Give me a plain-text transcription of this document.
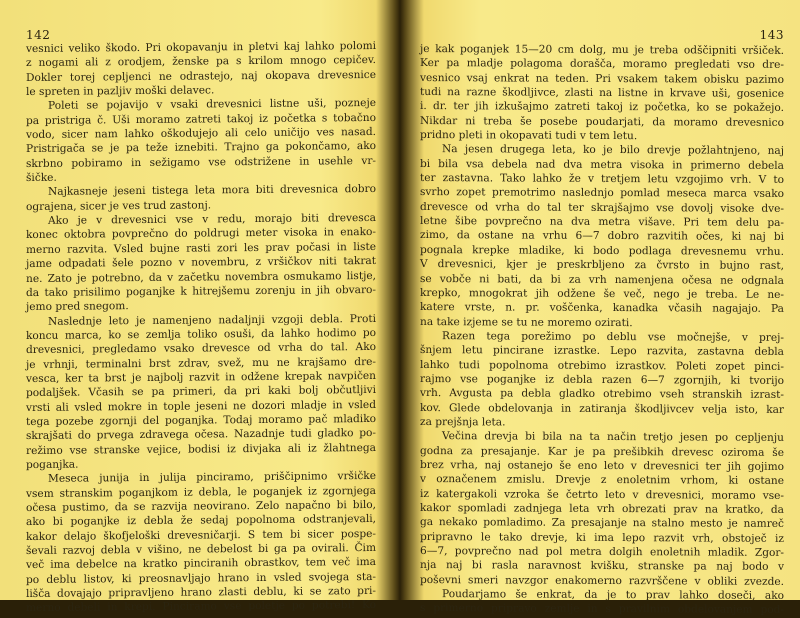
142
vesnici veliko škodo. Pri okopavanju in pletvi kaj lahko polomi
z nogami ali z orodjem, ženske pa s krilom mnogo cepičev.
Dokler torej cepljenci ne odrastejo, naj okopava drevesnice
le spreten in pazljiv moški delavec.
Poleti se pojavijo v vsaki drevesnici listne uši, pozneje
pa pristriga č. Uši moramo zatreti takoj iz početka s tobačno
vodo, sicer nam lahko oškodujejo ali celo uničijo ves nasad.
Pristrigača se je pa teže iznebiti. Trajno ga pokončamo, ako
skrbno pobiramo in sežigamo vse odstrižene in usehle vr-
šičke.
Najkasneje jeseni tistega leta mora biti drevesnica dobro
ograjena, sicer je ves trud zastonj.
Ako je v drevesnici vse v redu, morajo biti drevesca
konec oktobra povprečno do poldrugi meter visoka in enako-
merno razvita. Vsled bujne rasti zori les prav počasi in liste
jame odpadati šele pozno v novembru, z vršičkov niti takrat
ne. Zato je potrebno, da v začetku novembra osmukamo listje,
da tako prisilimo poganjke k hitrejšemu zorenju in jih obvaro-
jemo pred snegom.
Naslednje leto je namenjeno nadaljnji vzgoji debla. Proti
koncu marca, ko se zemlja toliko osuši, da lahko hodimo po
drevesnici, pregledamo vsako drevesce od vrha do tal. Ako
je vrhnji, terminalni brst zdrav, svež, mu ne krajšamo dre-
vesca, ker ta brst je najbolj razvit in odžene krepak navpičen
podaljšek. Včasih se pa primeri, da pri kaki bolj občutljivi
vrsti ali vsled mokre in tople jeseni ne dozori mladje in vsled
tega pozebe zgornji del poganjka. Todaj moramo pač mladiko
skrajšati do prvega zdravega očesa. Nazadnje tudi gladko po-
režimo vse stranske vejice, bodisi iz divjaka ali iz žlahtnega
poganjka.
Meseca junija in julija pinciramo, priščipnimo vršičke
vsem stranskim poganjkom iz debla, le poganjek iz zgornjega
očesa pustimo, da se razvija neovirano. Zelo napačno bi bilo,
ako bi poganjke iz debla že sedaj popolnoma odstranjevali,
kakor delajo škofjeloški drevesničarji. S tem bi sicer pospe-
ševali razvoj debla v višino, ne debelost bi ga pa ovirali. Čim
več ima debelce na kratko pinciranih obrastkov, tem več ima
po deblu listov, ki preosnavljajo hrano in vsled svojega sta-
lišča dovajajo pripravljeno hrano zlasti deblu, ki se zato pri-
merno debeli in krepi. Pinciramo vse poletje po potrebi! Ko
143
je kak poganjek 15—20 cm dolg, mu je treba odščipniti vršiček.
Ker pa mladje polagoma dorašča, moramo pregledati vso dre-
vesnico vsaj enkrat na teden. Pri vsakem takem obisku pazimo
tudi na razne škodljivce, zlasti na listne in krvave uši, gosenice
i. dr. ter jih izkušajmo zatreti takoj iz početka, ko se pokažejo.
Nikdar ni treba še posebe poudarjati, da moramo drevesnico
pridno pleti in okopavati tudi v tem letu.
Na jesen drugega leta, ko je bilo drevje požlahtnjeno, naj
bi bila vsa debela nad dva metra visoka in primerno debela
ter zastavna. Tako lahko že v tretjem letu vzgojimo vrh. V to
svrho zopet premotrimo naslednjo pomlad meseca marca vsako
drevesce od vrha do tal ter skrajšajmo vse dovolj visoke dve-
letne šibe povprečno na dva metra višave. Pri tem delu pa-
zimo, da ostane na vrhu 6—7 dobro razvitih očes, ki naj bi
pognala krepke mladike, ki bodo podlaga drevesnemu vrhu.
V drevesnici, kjer je preskrbljeno za čvrsto in bujno rast,
se vobče ni bati, da bi za vrh namenjena očesa ne odgnala
krepko, mnogokrat jih odžene še več, nego je treba. Le ne-
katere vrste, n. pr. voščenka, kanadka včasih nagajajo. Pa
na take izjeme se tu ne moremo ozirati.
Razen tega porežimo po deblu vse močnejše, v prej-
šnjem letu pincirane izrastke. Lepo razvita, zastavna debla
lahko tudi popolnoma otrebimo izrastkov. Poleti zopet pinci-
rajmo vse poganjke iz debla razen 6—7 zgornjih, ki tvorijo
vrh. Avgusta pa debla gladko otrebimo vseh stranskih izrast-
kov. Glede obdelovanja in zatiranja škodljivcev velja isto, kar
za prejšnja leta.
Večina drevja bi bila na ta način tretjo jesen po cepljenju
godna za presajanje. Kar je pa prešibkih drevesc oziroma še
brez vrha, naj ostanejo še eno leto v drevesnici ter jih gojimo
v označenem zmislu. Drevje z enoletnim vrhom, ki ostane
iz katergakoli vzroka še četrto leto v drevesnici, moramo vse-
kakor spomladi zadnjega leta vrh obrezati prav na kratko, da
ga nekako pomladimo. Za presajanje na stalno mesto je namreč
pripravno le tako drevje, ki ima lepo razvit vrh, obstoječ iz
6—7, povprečno nad pol metra dolgih enoletnih mladik. Zgor-
nja naj bi rasla naravnost kvišku, stranske pa naj bodo v
poševni smeri navzgor enakomerno razvrščene v obliki zvezde.
Poudarjamo še enkrat, da je to prav lahko doseči, ako
s primerno pripravo zemlje in s pravilnim obdelovanjem pod-
